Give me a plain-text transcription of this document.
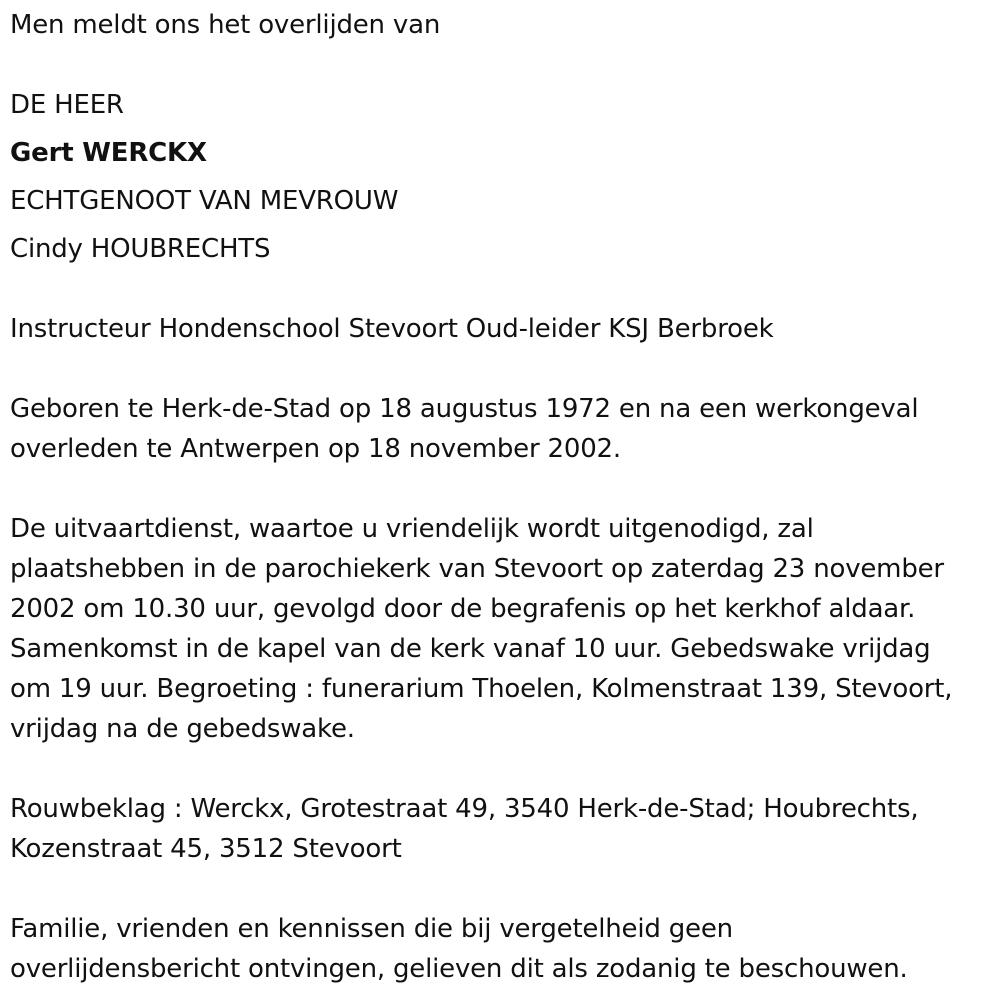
Men meldt ons het overlijden van
DE HEER
Gert WERCKX
ECHTGENOOT VAN MEVROUW
Cindy HOUBRECHTS
Instructeur Hondenschool Stevoort Oud-leider KSJ Berbroek
Geboren te Herk-de-Stad op 18 augustus 1972 en na een werkongeval
overleden te Antwerpen op 18 november 2002.
De uitvaartdienst, waartoe u vriendelijk wordt uitgenodigd, zal
plaatshebben in de parochiekerk van Stevoort op zaterdag 23 november
2002 om 10.30 uur, gevolgd door de begrafenis op het kerkhof aldaar.
Samenkomst in de kapel van de kerk vanaf 10 uur. Gebedswake vrijdag
om 19 uur. Begroeting : funerarium Thoelen, Kolmenstraat 139, Stevoort,
vrijdag na de gebedswake.
Rouwbeklag : Werckx, Grotestraat 49, 3540 Herk-de-Stad; Houbrechts,
Kozenstraat 45, 3512 Stevoort
Familie, vrienden en kennissen die bij vergetelheid geen
overlijdensbericht ontvingen, gelieven dit als zodanig te beschouwen.
